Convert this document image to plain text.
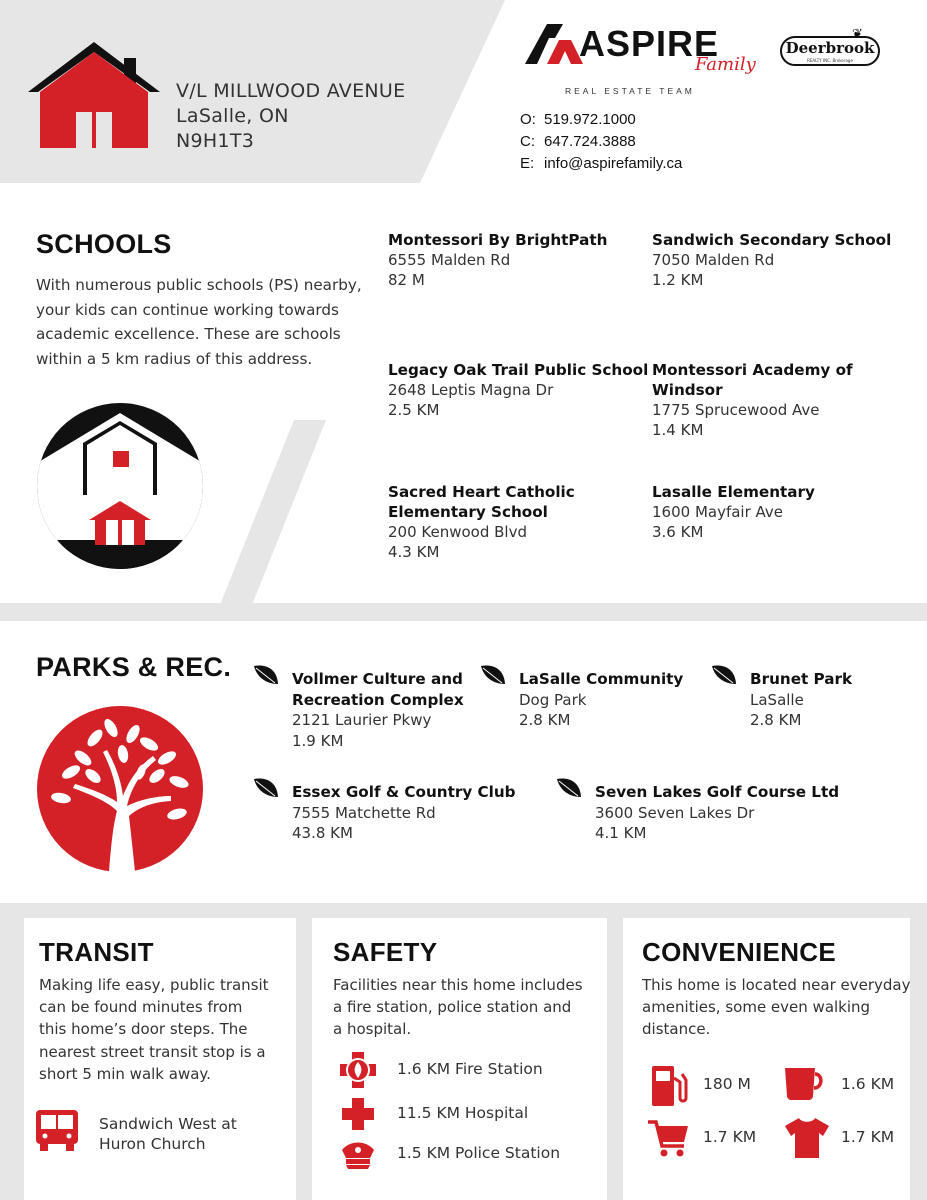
V/L MILLWOOD AVENUE
LaSalle, ON
N9H1T3
ASPIRE
Family
REAL ESTATE TEAM
Deerbrook
REALTY INC. Brokerage
❦
O: 519.972.1000
C: 647.724.3888
E: info@aspirefamily.ca
SCHOOLS
With numerous public schools (PS) nearby,
your kids can continue working towards
academic excellence. These are schools
within a 5 km radius of this address.
Montessori By BrightPath
6555 Malden Rd
82 M
Sandwich Secondary School
7050 Malden Rd
1.2 KM
Legacy Oak Trail Public School
2648 Leptis Magna Dr
2.5 KM
Montessori Academy of Windsor
1775 Sprucewood Ave
1.4 KM
Sacred Heart Catholic
Elementary School
200 Kenwood Blvd
4.3 KM
Lasalle Elementary
1600 Mayfair Ave
3.6 KM
PARKS & REC.	Vollmer Culture and
Recreation Complex
2121 Laurier Pkwy
1.9 KM
LaSalle Community
Dog Park
2.8 KM
Brunet Park
LaSalle
2.8 KM
Essex Golf & Country Club
7555 Matchette Rd
43.8 KM
Seven Lakes Golf Course Ltd
3600 Seven Lakes Dr
4.1 KM
TRANSIT
Making life easy, public transit
can be found minutes from
this home’s door steps. The
nearest street transit stop is a
short 5 min walk away.
Sandwich West at
Huron Church
SAFETY
Facilities near this home includes
a fire station, police station and
a hospital.
1.6 KM Fire Station
11.5 KM Hospital
1.5 KM Police Station
CONVENIENCE
This home is located near everyday
amenities, some even walking
distance.
180 M	1.6 KM
1.7 KM	1.7 KM
